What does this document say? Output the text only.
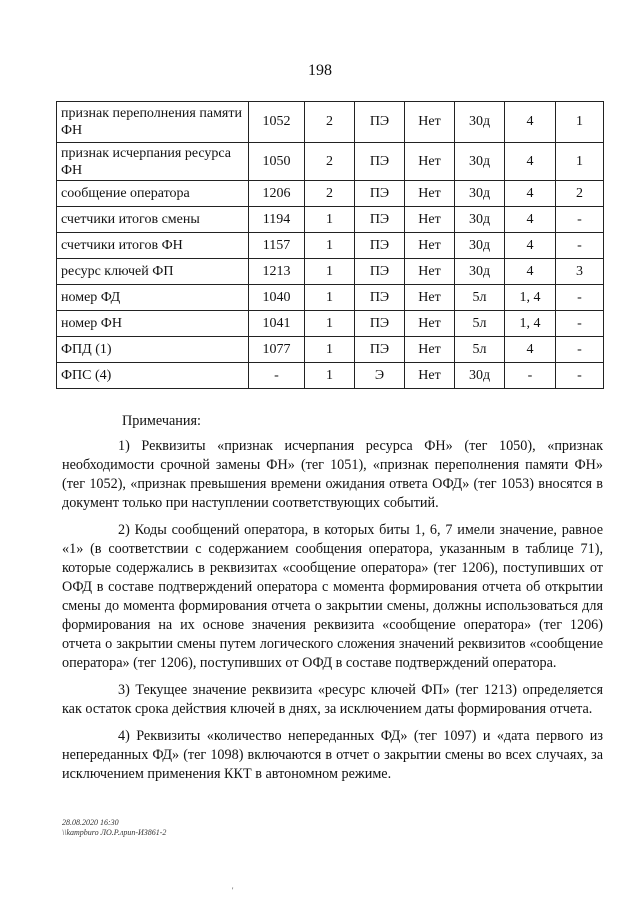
198
признак переполнения памяти ФН	1052	2	ПЭ	Нет	30д	4	1
признак исчерпания ресурса ФН	1050	2	ПЭ	Нет	30д	4	1
сообщение оператора	1206	2	ПЭ	Нет	30д	4	2
счетчики итогов смены	1194	1	ПЭ	Нет	30д	4	-
счетчики итогов ФН	1157	1	ПЭ	Нет	30д	4	-
ресурс ключей ФП	1213	1	ПЭ	Нет	30д	4	3
номер ФД	1040	1	ПЭ	Нет	5л	1, 4	-
номер ФН	1041	1	ПЭ	Нет	5л	1, 4	-
ФПД (1)	1077	1	ПЭ	Нет	5л	4	-
ФПС (4)	-	1	Э	Нет	30д	-	-
Примечания:

1) Реквизиты «признак исчерпания ресурса ФН» (тег 1050), «признак необходимости срочной замены ФН» (тег 1051), «признак переполнения памяти ФН» (тег 1052), «признак превышения времени ожидания ответа ОФД» (тег 1053) вносятся в документ только при наступлении соответствующих событий.

2) Коды сообщений оператора, в которых биты 1, 6, 7 имели значение, равное «1» (в соответствии с содержанием сообщения оператора, указанным в таблице 71), которые содержались в реквизитах «сообщение оператора» (тег 1206), поступивших от ОФД в составе подтверждений оператора с момента формирования отчета об открытии смены до момента формирования отчета о закрытии смены, должны использоваться для формирования на их основе значения реквизита «сообщение оператора» (тег 1206) отчета о закрытии смены путем логического сложения значений реквизитов «сообщение оператора» (тег 1206), поступивших от ОФД в составе подтверждений оператора.

3) Текущее значение реквизита «ресурс ключей ФП» (тег 1213) определяется как остаток срока действия ключей в днях, за исключением даты формирования отчета.

4) Реквизиты «количество непереданных ФД» (тег 1097) и «дата первого из непереданных ФД» (тег 1098) включаются в отчет о закрытии смены во всех случаях, за исключением применения ККТ в автономном режиме.

28.08.2020 16:30
\\kampburo ЛО.Р.лрип-ИЗ861-2
'
